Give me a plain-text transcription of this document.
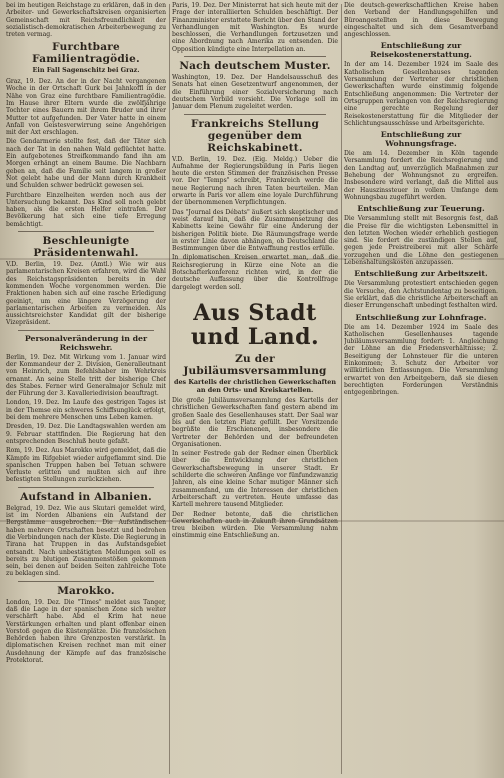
bei im heutigen Reichstage zu erklären, daß in den Arbeiter- und Gewerkschaftskreisen organisierten Gemeinschaft mit Reichsfreundlichkeit der sozialistisch-demokratischen Arbeiterbewegung zu treten vermag.

Furchtbare Familientragödie.
Ein Fall Sagenschitz bei Graz.

Graz, 19. Dez. An der in der Nacht vergangenen Woche in der Ortschaft Gurk bei Jahnkoffl in der Nähe von Graz eine furchtbare Familientragödie. Im Hause ihrer Eltern wurde die zwölfjährige Tochter eines Bauern mit ihrem Bruder und ihrer Mutter tot aufgefunden. Der Vater hatte in einem Anfall von Geistesverwirrung seine Angehörigen mit der Axt erschlagen.

Die Gendarmerie stellte fest, daß der Täter sich nach der Tat in den nahen Wald geflüchtet hatte. Ein aufgebotenes Streifkommando fand ihn am Morgen erhängt an einem Baume. Die Nachbarn geben an, daß die Familie seit langem in großer Not gelebt habe und der Mann durch Krankheit und Schulden schwer bedrückt gewesen sei.

Furchtbare Einzelheiten werden noch aus der Untersuchung bekannt. Das Kind soll noch gelebt haben, als die ersten Helfer eintrafen. Der Bevölkerung hat sich eine tiefe Erregung bemächtigt.

Beschleunigte Präsidentenwahl.

V.D. Berlin, 19. Dez. (Amtl.) Wie wir aus parlamentarischen Kreisen erfahren, wird die Wahl des Reichstagspräsidenten bereits in der kommenden Woche vorgenommen werden. Die Fraktionen haben sich auf eine rasche Erledigung geeinigt, um eine längere Verzögerung der parlamentarischen Arbeiten zu vermeiden. Als aussichtsreichster Kandidat gilt der bisherige Vizepräsident.

Personalveränderung in der Reichswehr.

Berlin, 19. Dez. Mit Wirkung vom 1. Januar wird der Kommandeur der 2. Division, Generalleutnant von Heinrich, zum Befehlshaber im Wehrkreis ernannt. An seine Stelle tritt der bisherige Chef des Stabes. Ferner wird Generalmajor Schulz mit der Führung der 3. Kavalleriedivision beauftragt.

London, 19. Dez. Im Laufe des gestrigen Tages ist in der Themse ein schweres Schiffsunglück erfolgt, bei dem mehrere Menschen ums Leben kamen.

Dresden, 19. Dez. Die Landtagswahlen werden am 9. Februar stattfinden. Die Regierung hat den entsprechenden Beschluß heute gefaßt.

Rom, 19. Dez. Aus Marokko wird gemeldet, daß die Kämpfe im Rifgebiet wieder aufgeflammt sind. Die spanischen Truppen haben bei Tetuan schwere Verluste erlitten und mußten sich auf ihre befestigten Stellungen zurückziehen.

Aufstand in Albanien.

Belgrad, 19. Dez. Wie aus Skutari gemeldet wird, ist im Norden Albaniens ein Aufstand der Bergstämme ausgebrochen. Die Aufständischen haben mehrere Ortschaften besetzt und bedrohen die Verbindungen nach der Küste. Die Regierung in Tirana hat Truppen in das Aufstandsgebiet entsandt. Nach unbestätigten Meldungen soll es bereits zu blutigen Zusammenstößen gekommen sein, bei denen auf beiden Seiten zahlreiche Tote zu beklagen sind.

Marokko.

London, 19. Dez. Die "Times" meldet aus Tanger, daß die Lage in der spanischen Zone sich weiter verschärft habe. Abd el Krim hat neue Verstärkungen erhalten und plant offenbar einen Vorstoß gegen die Küstenplätze. Die französischen Behörden haben ihre Grenzposten verstärkt. In diplomatischen Kreisen rechnet man mit einer Ausdehnung der Kämpfe auf das französische Protektorat.

Paris, 19. Dez. Der Ministerrat hat sich heute mit der Frage der interalliierten Schulden beschäftigt. Der Finanzminister erstattete Bericht über den Stand der Verhandlungen mit Washington. Es wurde beschlossen, die Verhandlungen fortzusetzen und eine Abordnung nach Amerika zu entsenden. Die Opposition kündigte eine Interpellation an.

Nach deutschem Muster.

Washington, 19. Dez. Der Handelsausschuß des Senats hat einen Gesetzentwurf angenommen, der die Einführung einer Sozialversicherung nach deutschem Vorbild vorsieht. Die Vorlage soll im Januar dem Plenum zugeleitet werden.

Frankreichs Stellung gegenüber dem Reichskabinett.

V.D. Berlin, 19. Dez. (Eig. Meldg.) Ueber die Aufnahme der Regierungsbildung in Paris liegen heute die ersten Stimmen der französischen Presse vor. Der "Temps" schreibt, Frankreich werde die neue Regierung nach ihren Taten beurteilen. Man erwarte in Paris vor allem eine loyale Durchführung der übernommenen Verpflichtungen.

Das "Journal des Débats" äußert sich skeptischer und weist darauf hin, daß die Zusammensetzung des Kabinetts keine Gewähr für eine Änderung der bisherigen Politik biete. Die Räumungsfrage werde in erster Linie davon abhängen, ob Deutschland die Bestimmungen über die Entwaffnung restlos erfülle.

In diplomatischen Kreisen erwartet man, daß die Reichsregierung in Kürze eine Note an die Botschafterkonferenz richten wird, in der die deutsche Auffassung über die Kontrollfrage dargelegt werden soll.

Aus Stadt und Land.
Zu der Jubiläumsversammlung
des Kartells der christlichen Gewerkschaften an den Orts- und Kreiskartellen.

Die große Jubiläumsversammlung des Kartells der christlichen Gewerkschaften fand gestern abend im großen Saale des Gesellenhauses statt. Der Saal war bis auf den letzten Platz gefüllt. Der Vorsitzende begrüßte die Erschienenen, insbesondere die Vertreter der Behörden und der befreundeten Organisationen.

In seiner Festrede gab der Redner einen Überblick über die Entwicklung der christlichen Gewerkschaftsbewegung in unserer Stadt. Er schilderte die schweren Anfänge vor fünfundzwanzig Jahren, als eine kleine Schar mutiger Männer sich zusammenfand, um die Interessen der christlichen Arbeiterschaft zu vertreten. Heute umfasse das Kartell mehrere tausend Mitglieder.

Der Redner betonte, daß die christlichen Gewerkschaften auch in Zukunft ihren Grundsätzen treu bleiben würden. Die Versammlung nahm einstimmig eine Entschließung an.

Die deutsch-gewerkschaftlichen Kreise haben den Verband der Handlungsgehilfen und Büroangestellten in diese Bewegung eingeschaltet und sich dem Gesamtverband angeschlossen.

Entschließung zur Reisekostenerstattung.

In der am 14. Dezember 1924 im Saale des Katholischen Gesellenhauses tagenden Versammlung der Vertreter der christlichen Gewerkschaften wurde einstimmig folgende Entschließung angenommen: Die Vertreter der Ortsgruppen verlangen von der Reichsregierung eine gerechte Regelung der Reisekostenerstattung für die Mitglieder der Schlichtungsausschüsse und Arbeitsgerichte.

Entschließung zur Wohnungsfrage.

Die am 14. Dezember in Köln tagende Versammlung fordert die Reichsregierung und den Landtag auf, unverzüglich Maßnahmen zur Behebung der Wohnungsnot zu ergreifen. Insbesondere wird verlangt, daß die Mittel aus der Hauszinssteuer in vollem Umfange dem Wohnungsbau zugeführt werden.

Entschließung zur Teuerung.

Die Versammlung stellt mit Besorgnis fest, daß die Preise für die wichtigsten Lebensmittel in den letzten Wochen wieder erheblich gestiegen sind. Sie fordert die zuständigen Stellen auf, gegen jede Preistreiberei mit aller Schärfe vorzugehen und die Löhne den gestiegenen Lebenshaltungskosten anzupassen.

Entschließung zur Arbeitszeit.

Die Versammlung protestiert entschieden gegen die Versuche, den Achtstundentag zu beseitigen. Sie erklärt, daß die christliche Arbeiterschaft an dieser Errungenschaft unbedingt festhalten wird.

Entschließung zur Lohnfrage.

Die am 14. Dezember 1924 im Saale des Katholischen Gesellenhauses tagende Jubiläumsversammlung fordert: 1. Angleichung der Löhne an die Friedensverhältnisse; 2. Beseitigung der Lohnsteuer für die unteren Einkommen; 3. Schutz der Arbeiter vor willkürlichen Entlassungen. Die Versammlung erwartet von den Arbeitgebern, daß sie diesen berechtigten Forderungen Verständnis entgegenbringen.
